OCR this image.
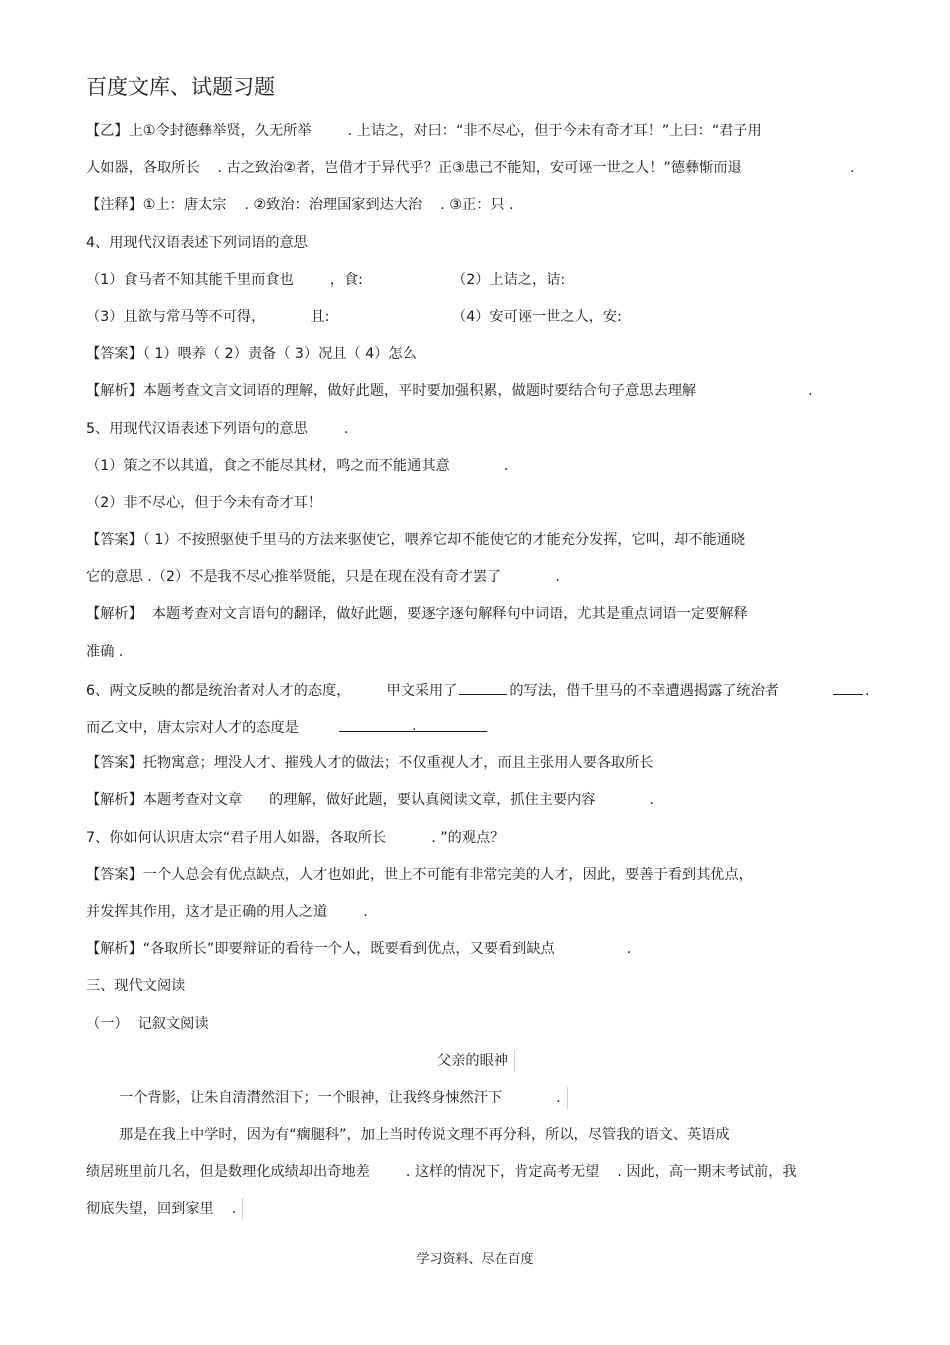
百度文库、试题习题
【乙】上①令封德彝举贤，久无所举        . 上诘之，对曰：“非不尽心，但于今未有奇才耳！”上曰：“君子用
人如器，各取所长    . 古之致治②者，岂借才于异代乎？正③患己不能知，安可诬一世之人！”德彝惭而退	.
【注释】①上：唐太宗    . ②致治：治理国家到达大治    . ③正：只 .
4、用现代汉语表述下列词语的意思
（1）食马者不知其能千里而食也        ，食:	（2）上诘之，诘:
（3）且欲与常马等不可得，          且:	（4）安可诬一世之人，安:
【答案】（ 1）喂养（ 2）责备（ 3）况且（ 4）怎么
【解析】本题考查文言文词语的理解，做好此题，平时要加强积累，做题时要结合句子意思去理解	.
5、用现代汉语表述下列语句的意思        .
（1）策之不以其道，食之不能尽其材，鸣之而不能通其意            .
（2）非不尽心，但于今未有奇才耳！
【答案】（ 1）不按照驱使千里马的方法来驱使它，喂养它却不能使它的才能充分发挥，它叫，却不能通晓
它的意思 .（2）不是我不尽心推举贤能，只是在现在没有奇才罢了            .
【解析】  本题考查对文言语句的翻译，做好此题，要逐字逐句解释句中词语，尤其是重点词语一定要解释
准确 .
6、两文反映的都是统治者对人才的态度，        甲文采用了	的写法，借千里马的不幸遭遇揭露了统治者	.
而乙文中，唐太宗对人才的态度是	.
【答案】托物寓意；埋没人才、摧残人才的做法；不仅重视人才，而且主张用人要各取所长
【解析】本题考查对文章      的理解，做好此题，要认真阅读文章，抓住主要内容            .
7、你如何认识唐太宗“君子用人如器，各取所长          . ”的观点？
【答案】一个人总会有优点缺点，人才也如此，世上不可能有非常完美的人才，因此，要善于看到其优点，
并发挥其作用，这才是正确的用人之道        .
【解析】“各取所长”即要辩证的看待一个人，既要看到优点，又要看到缺点                .
三、现代文阅读
（一）  记叙文阅读
父亲的眼神
一个背影，让朱自清潸然泪下；一个眼神，让我终身悚然汗下            .
那是在我上中学时，因为有“瘸腿科”，加上当时传说文理不再分科，所以，尽管我的语文、英语成
绩居班里前几名，但是数理化成绩却出奇地差        . 这样的情况下，肯定高考无望    . 因此，高一期末考试前，我
彻底失望，回到家里    .
学习资料、尽在百度
